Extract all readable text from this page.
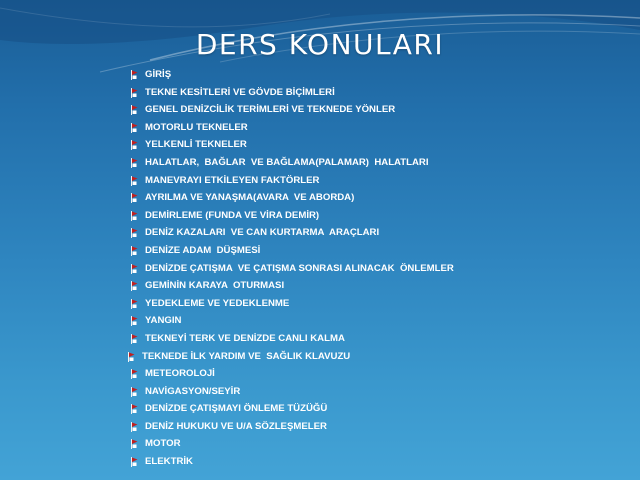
DERS KONULARI
GİRİŞ
TEKNE KESİTLERİ VE GÖVDE BİÇİMLERİ
GENEL DENİZCİLİK TERİMLERİ VE TEKNEDE YÖNLER
MOTORLU TEKNELER
YELKENLİ TEKNELER
HALATLAR,  BAĞLAR  VE BAĞLAMA(PALAMAR)  HALATLARI
MANEVRAYI ETKİLEYEN FAKTÖRLER
AYRILMA VE YANAŞMA(AVARA  VE ABORDA)
DEMİRLEME (FUNDA VE VİRA DEMİR)
DENİZ KAZALARI  VE CAN KURTARMA  ARAÇLARI
DENİZE ADAM  DÜŞMESİ
DENİZDE ÇATIŞMA  VE ÇATIŞMA SONRASI ALINACAK  ÖNLEMLER
GEMİNİN KARAYA  OTURMASI
YEDEKLEME VE YEDEKLENME
YANGIN
TEKNEYİ TERK VE DENİZDE CANLI KALMA
TEKNEDE İLK YARDIM VE  SAĞLIK KLAVUZU
METEOROLOJİ
NAVİGASYON/SEYİR
DENİZDE ÇATIŞMAYI ÖNLEME TÜZÜĞÜ
DENİZ HUKUKU VE U/A SÖZLEŞMELER
MOTOR
ELEKTRİK
